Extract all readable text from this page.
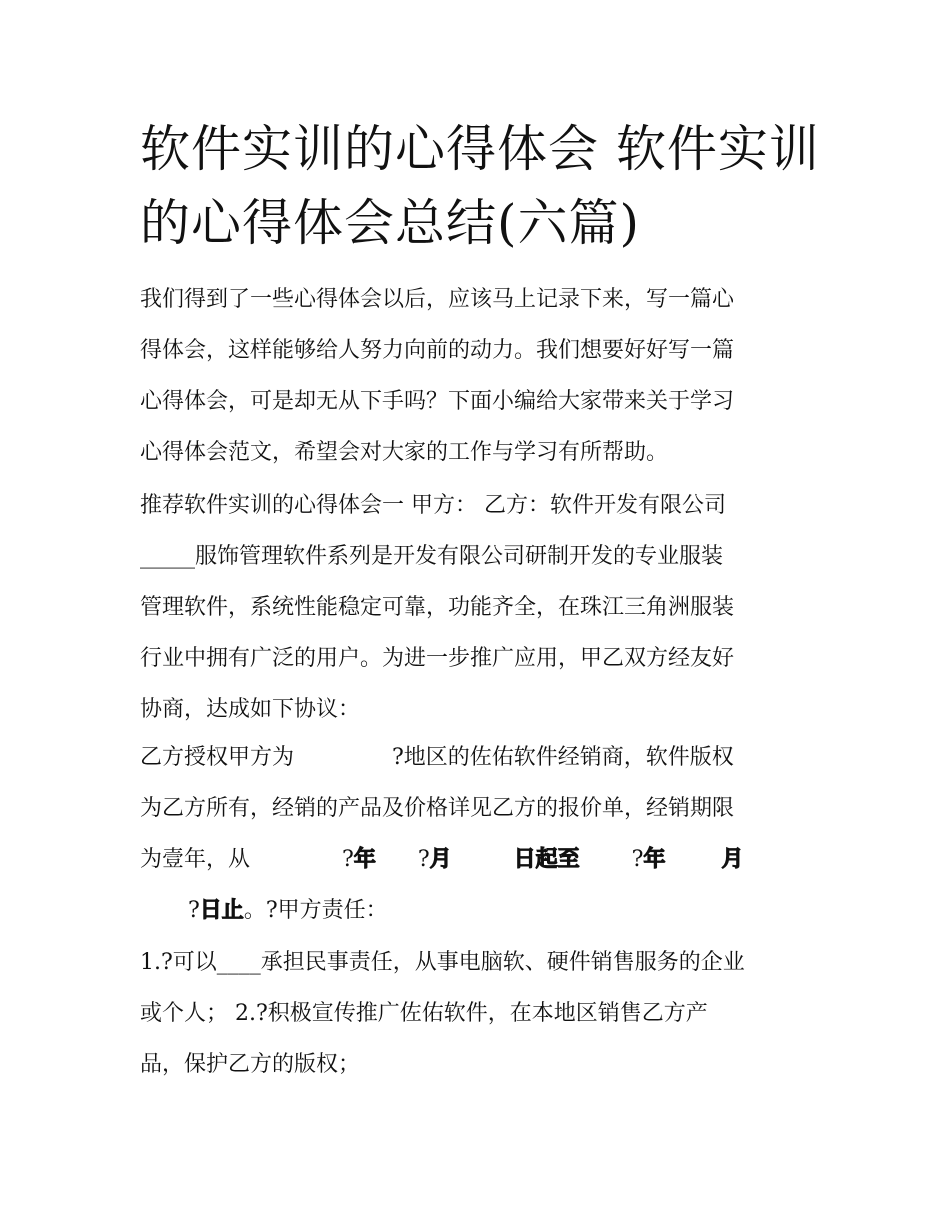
软件实训的心得体会 软件实训
的心得体会总结(六篇)

我们得到了一些心得体会以后，应该马上记录下来，写一篇心
得体会，这样能够给人努力向前的动力。我们想要好好写一篇
心得体会，可是却无从下手吗？下面小编给大家带来关于学习
心得体会范文，希望会对大家的工作与学习有所帮助。

推荐软件实训的心得体会一 甲方： 乙方：软件开发有限公司
_____服饰管理软件系列是开发有限公司研制开发的专业服装
管理软件，系统性能稳定可靠，功能齐全，在珠江三角洲服装
行业中拥有广泛的用户。为进一步推广应用，甲乙双方经友好
协商，达成如下协议：

乙方授权甲方为	?地区的佐佑软件经销商，软件版权
为乙方所有，经销的产品及价格详见乙方的报价单，经销期限
为壹年，从	?年 ?月	日起至 ?年	月
?日止。?甲方责任：

1.?可以____承担民事责任，从事电脑软、硬件销售服务的企业
或个人； 2.?积极宣传推广佐佑软件，在本地区销售乙方产
品，保护乙方的版权；
